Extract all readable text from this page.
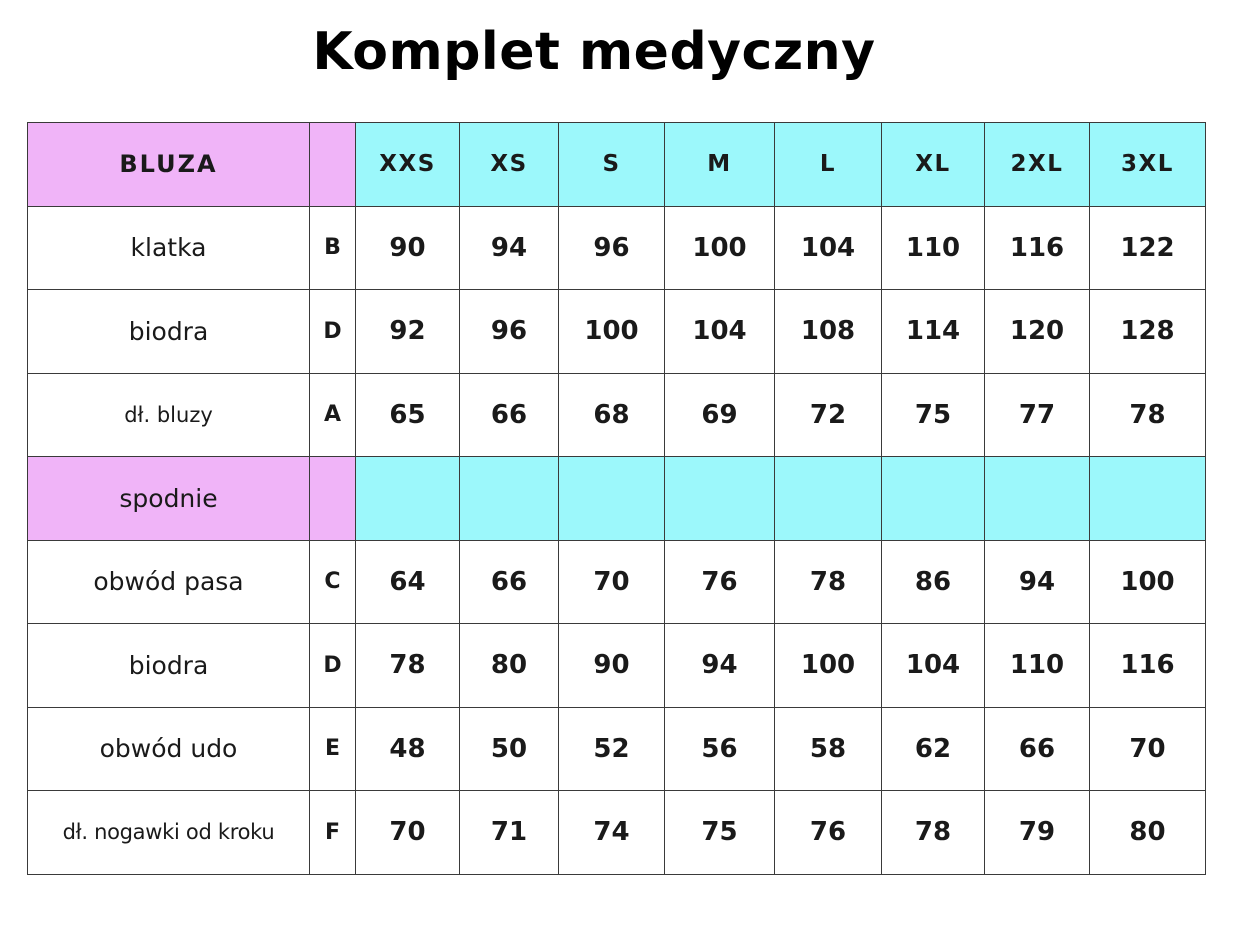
Komplet medyczny
BLUZA		XXS	XS	S	M	L	XL	2XL	3XL
klatka	B	90	94	96	100	104	110	116	122
biodra	D	92	96	100	104	108	114	120	128
dł. bluzy	A	65	66	68	69	72	75	77	78
spodnie									
obwód pasa	C	64	66	70	76	78	86	94	100
biodra	D	78	80	90	94	100	104	110	116
obwód udo	E	48	50	52	56	58	62	66	70
dł. nogawki od kroku	F	70	71	74	75	76	78	79	80
